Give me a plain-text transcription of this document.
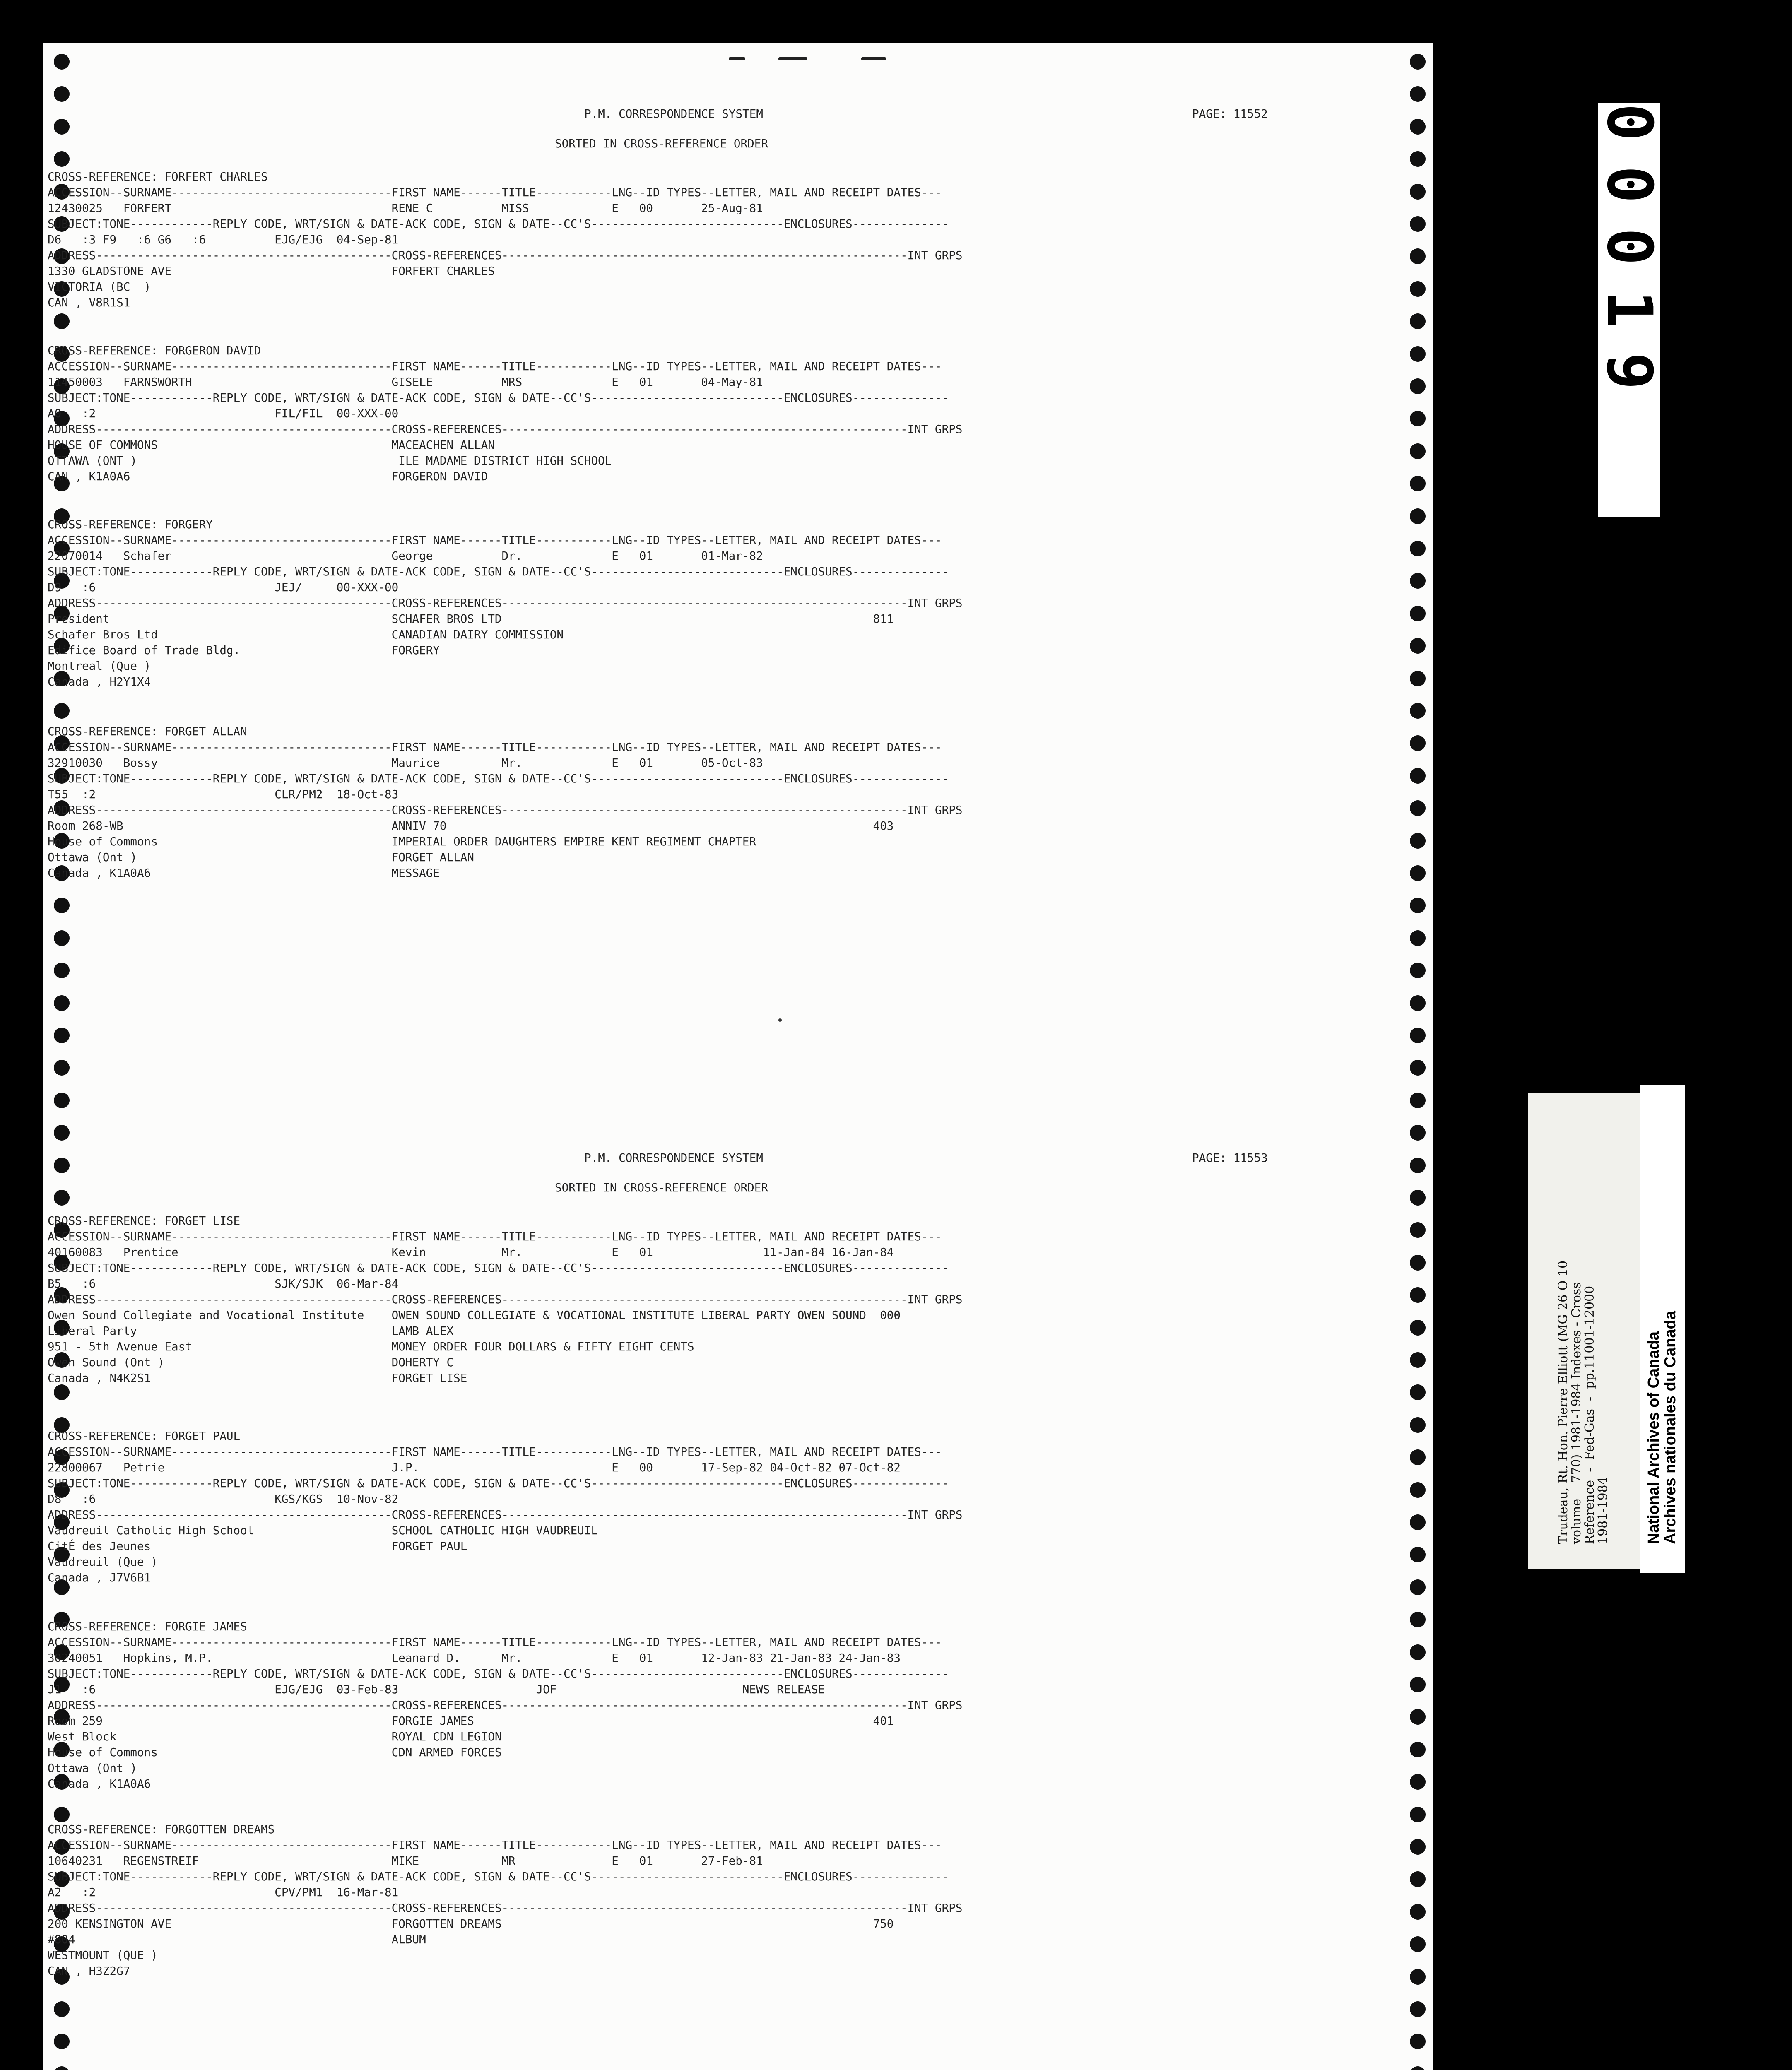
P.M. CORRESPONDENCE SYSTEM	PAGE: 11552
SORTED IN CROSS-REFERENCE ORDER
CROSS-REFERENCE: FORFERT CHARLES
ACCESSION--SURNAME--------------------------------FIRST NAME------TITLE-----------LNG--ID TYPES--LETTER, MAIL AND RECEIPT DATES---
12430025   FORFERT                                RENE C          MISS            E   00       25-Aug-81
SUBJECT:TONE------------REPLY CODE, WRT/SIGN & DATE-ACK CODE, SIGN & DATE--CC'S----------------------------ENCLOSURES--------------
D6   :3 F9   :6 G6   :6          EJG/EJG  04-Sep-81
ADDRESS-------------------------------------------CROSS-REFERENCES-----------------------------------------------------------INT GRPS
1330 GLADSTONE AVE                                FORFERT CHARLES
VICTORIA (BC  )
CAN , V8R1S1
CROSS-REFERENCE: FORGERON DAVID
ACCESSION--SURNAME--------------------------------FIRST NAME------TITLE-----------LNG--ID TYPES--LETTER, MAIL AND RECEIPT DATES---
11450003   FARNSWORTH                             GISELE          MRS             E   01       04-May-81
SUBJECT:TONE------------REPLY CODE, WRT/SIGN & DATE-ACK CODE, SIGN & DATE--CC'S----------------------------ENCLOSURES--------------
A0   :2                          FIL/FIL  00-XXX-00
ADDRESS-------------------------------------------CROSS-REFERENCES-----------------------------------------------------------INT GRPS
HOUSE OF COMMONS                                  MACEACHEN ALLAN
OTTAWA (ONT )                                      ILE MADAME DISTRICT HIGH SCHOOL
CAN , K1A0A6                                      FORGERON DAVID
CROSS-REFERENCE: FORGERY
ACCESSION--SURNAME--------------------------------FIRST NAME------TITLE-----------LNG--ID TYPES--LETTER, MAIL AND RECEIPT DATES---
22070014   Schafer                                George          Dr.             E   01       01-Mar-82
SUBJECT:TONE------------REPLY CODE, WRT/SIGN & DATE-ACK CODE, SIGN & DATE--CC'S----------------------------ENCLOSURES--------------
D9   :6                          JEJ/     00-XXX-00
ADDRESS-------------------------------------------CROSS-REFERENCES-----------------------------------------------------------INT GRPS
President                                         SCHAFER BROS LTD                                                      811
Schafer Bros Ltd                                  CANADIAN DAIRY COMMISSION
Edifice Board of Trade Bldg.                      FORGERY
Montreal (Que )
Canada , H2Y1X4
CROSS-REFERENCE: FORGET ALLAN
ACCESSION--SURNAME--------------------------------FIRST NAME------TITLE-----------LNG--ID TYPES--LETTER, MAIL AND RECEIPT DATES---
32910030   Bossy                                  Maurice         Mr.             E   01       05-Oct-83
SUBJECT:TONE------------REPLY CODE, WRT/SIGN & DATE-ACK CODE, SIGN & DATE--CC'S----------------------------ENCLOSURES--------------
T55  :2                          CLR/PM2  18-Oct-83
ADDRESS-------------------------------------------CROSS-REFERENCES-----------------------------------------------------------INT GRPS
Room 268-WB                                       ANNIV 70                                                              403
House of Commons                                  IMPERIAL ORDER DAUGHTERS EMPIRE KENT REGIMENT CHAPTER
Ottawa (Ont )                                     FORGET ALLAN
Canada , K1A0A6                                   MESSAGE
P.M. CORRESPONDENCE SYSTEM	PAGE: 11553
SORTED IN CROSS-REFERENCE ORDER
CROSS-REFERENCE: FORGET LISE
ACCESSION--SURNAME--------------------------------FIRST NAME------TITLE-----------LNG--ID TYPES--LETTER, MAIL AND RECEIPT DATES---
40160083   Prentice                               Kevin           Mr.             E   01                11-Jan-84 16-Jan-84
SUBJECT:TONE------------REPLY CODE, WRT/SIGN & DATE-ACK CODE, SIGN & DATE--CC'S----------------------------ENCLOSURES--------------
B5   :6                          SJK/SJK  06-Mar-84
ADDRESS-------------------------------------------CROSS-REFERENCES-----------------------------------------------------------INT GRPS
Owen Sound Collegiate and Vocational Institute    OWEN SOUND COLLEGIATE & VOCATIONAL INSTITUTE LIBERAL PARTY OWEN SOUND  000
Liberal Party                                     LAMB ALEX
951 - 5th Avenue East                             MONEY ORDER FOUR DOLLARS & FIFTY EIGHT CENTS
Owen Sound (Ont )                                 DOHERTY C
Canada , N4K2S1                                   FORGET LISE
CROSS-REFERENCE: FORGET PAUL
ACCESSION--SURNAME--------------------------------FIRST NAME------TITLE-----------LNG--ID TYPES--LETTER, MAIL AND RECEIPT DATES---
22800067   Petrie                                 J.P.                            E   00       17-Sep-82 04-Oct-82 07-Oct-82
SUBJECT:TONE------------REPLY CODE, WRT/SIGN & DATE-ACK CODE, SIGN & DATE--CC'S----------------------------ENCLOSURES--------------
D8   :6                          KGS/KGS  10-Nov-82
ADDRESS-------------------------------------------CROSS-REFERENCES-----------------------------------------------------------INT GRPS
Vaudreuil Catholic High School                    SCHOOL CATHOLIC HIGH VAUDREUIL
CitÉ des Jeunes                                   FORGET PAUL
Vaudreuil (Que )
Canada , J7V6B1
CROSS-REFERENCE: FORGIE JAMES
ACCESSION--SURNAME--------------------------------FIRST NAME------TITLE-----------LNG--ID TYPES--LETTER, MAIL AND RECEIPT DATES---
30240051   Hopkins, M.P.                          Leanard D.      Mr.             E   01       12-Jan-83 21-Jan-83 24-Jan-83
SUBJECT:TONE------------REPLY CODE, WRT/SIGN & DATE-ACK CODE, SIGN & DATE--CC'S----------------------------ENCLOSURES--------------
J1   :6                          EJG/EJG  03-Feb-83                    JOF                           NEWS RELEASE
ADDRESS-------------------------------------------CROSS-REFERENCES-----------------------------------------------------------INT GRPS
Room 259                                          FORGIE JAMES                                                          401
West Block                                        ROYAL CDN LEGION
House of Commons                                  CDN ARMED FORCES
Ottawa (Ont )
Canada , K1A0A6
CROSS-REFERENCE: FORGOTTEN DREAMS
ACCESSION--SURNAME--------------------------------FIRST NAME------TITLE-----------LNG--ID TYPES--LETTER, MAIL AND RECEIPT DATES---
10640231   REGENSTREIF                            MIKE            MR              E   01       27-Feb-81
SUBJECT:TONE------------REPLY CODE, WRT/SIGN & DATE-ACK CODE, SIGN & DATE--CC'S----------------------------ENCLOSURES--------------
A2   :2                          CPV/PM1  16-Mar-81
ADDRESS-------------------------------------------CROSS-REFERENCES-----------------------------------------------------------INT GRPS
200 KENSINGTON AVE                                FORGOTTEN DREAMS                                                      750
#804                                              ALBUM
WESTMOUNT (QUE )
CAN , H3Z2G7
00019
Trudeau, Rt. Hon. Pierre Elliott (MG 26 O 10
volume    770) 1981-1984 Indexes - Cross
Reference  -  Fed-Gas  -  pp.11001-12000
1981-1984 National Archives of Canada
Archives nationales du Canada
